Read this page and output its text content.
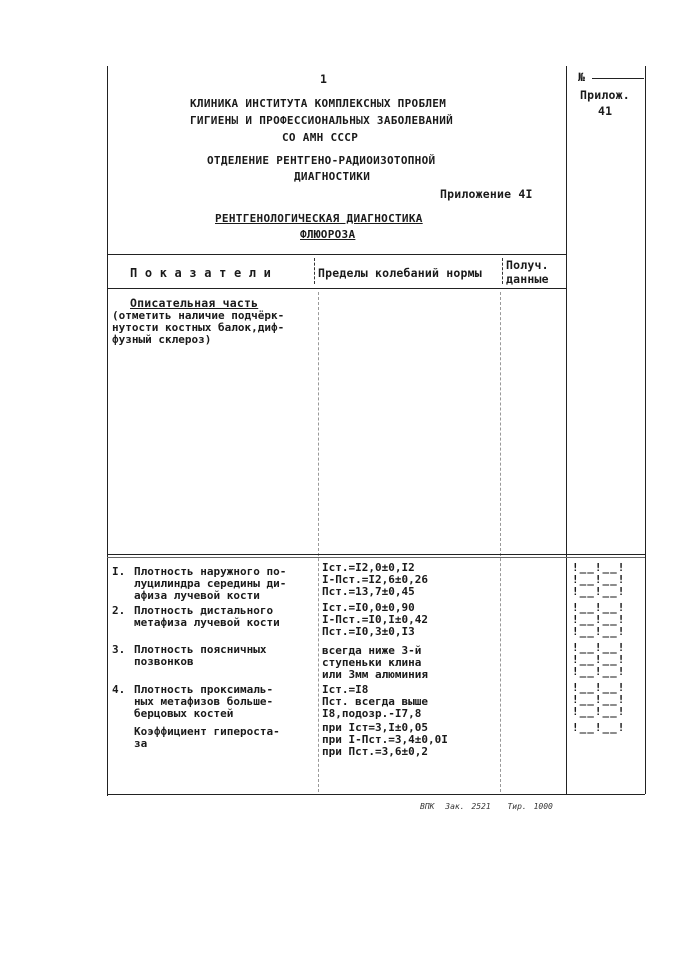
1	№
Прилож.
41
КЛИНИКА ИНСТИТУТА КОМПЛЕКСНЫХ ПРОБЛЕМ
ГИГИЕНЫ И ПРОФЕССИОНАЛЬНЫХ ЗАБОЛЕВАНИЙ
СО АМН СССР
ОТДЕЛЕНИЕ РЕНТГЕНО-РАДИОИЗОТОПНОЙ
ДИАГНОСТИКИ
Приложение 4I
РЕНТГЕНОЛОГИЧЕСКАЯ ДИАГНОСТИКА
ФЛЮОРОЗА
П о к а з а т е л и	Пределы колебаний нормы
Получ.
данные
Описательная часть
(отметить наличие подчёрк-
нутости костных балок,диф-
фузный склероз)
I. Плотность наружного по-
луцилиндра середины ди-
афиза лучевой кости
Iст.=I2,0±0,I2
I-Пст.=I2,6±0,26
Пст.=13,7±0,45
!__!__!
!__!__!
!__!__!
2. Плотность дистального
метафиза лучевой кости
Iст.=I0,0±0,90
I-Пст.=I0,I±0,42
Пст.=I0,3±0,I3
!__!__!
!__!__!
!__!__!
3. Плотность поясничных
позвонков
всегда ниже 3-й
ступеньки клина
или 3мм алюминия
!__!__!
!__!__!
!__!__!
4. Плотность проксималь-
ных метафизов больше-
берцовых костей
Iст.=I8
Пст. всегда выше
I8,подозр.-I7,8
!__!__!
!__!__!
!__!__!
Коэффициент гиперостa-
за
при Iст=3,I±0,05
при I-Пст.=3,4±0,0I
при Пст.=3,6±0,2
!__!__!
ВПК Зак. 2521 Тир. 1000
